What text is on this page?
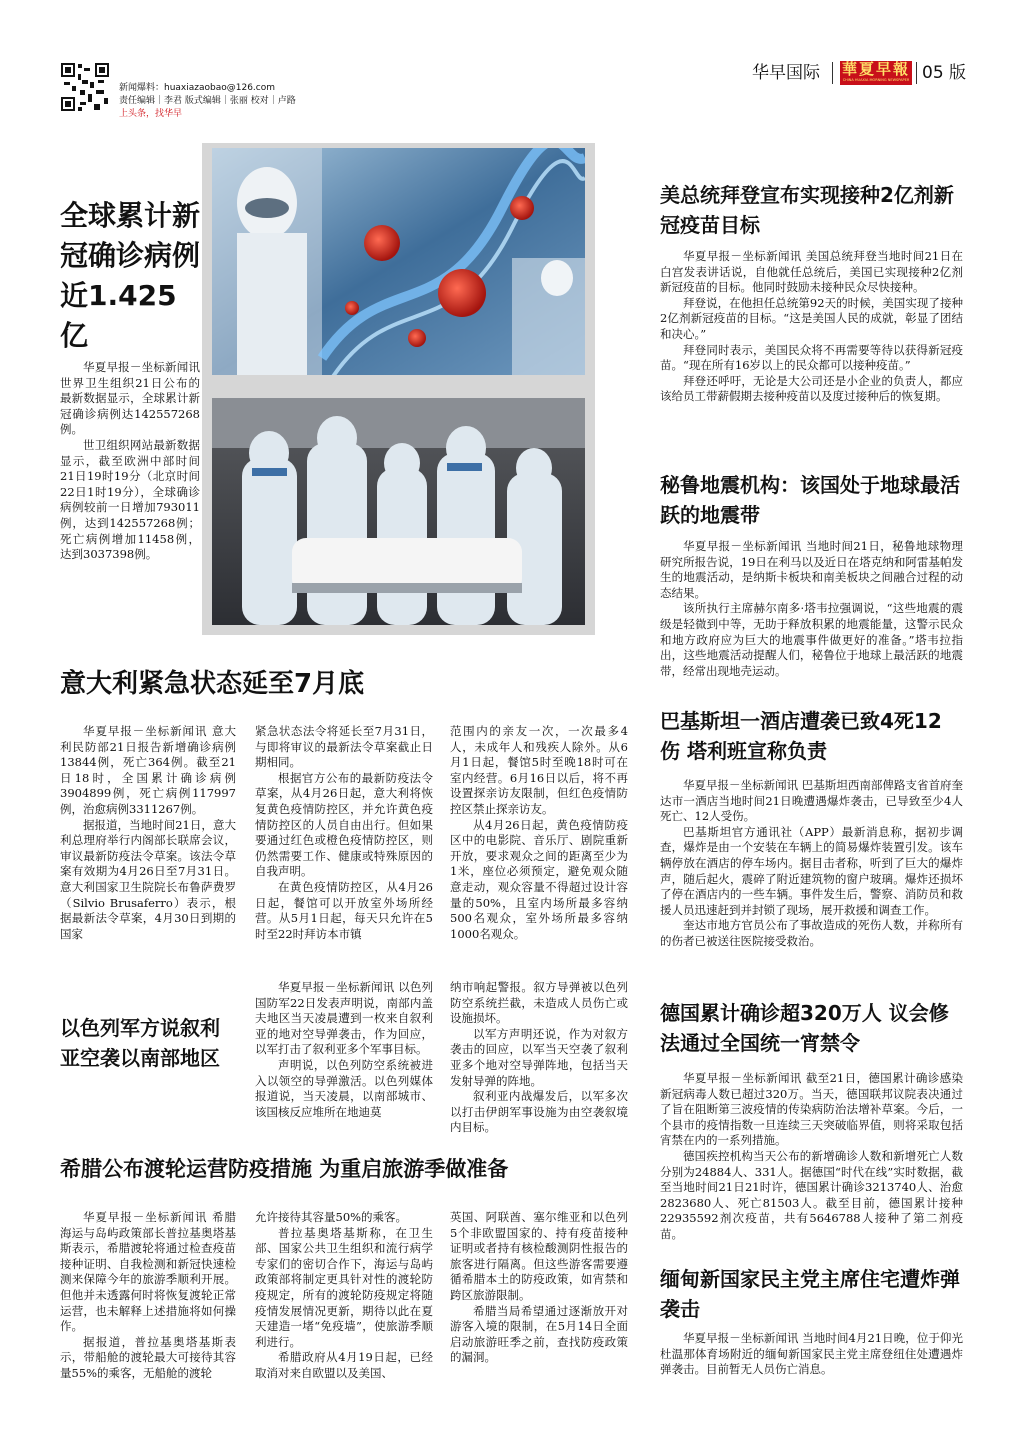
新闻爆料：huaxiazaobao@126.com
责任编辑｜李君 版式编辑｜张丽 校对｜卢路
上头条，找华早
华早国际 華夏早報
CHINA HUAXIA MORNING NEWSPAPER 05 版
全球累计新冠确诊病例近1.425亿

华夏早报－坐标新闻讯 世界卫生组织21日公布的最新数据显示，全球累计新冠确诊病例达142557268例。

世卫组织网站最新数据显示，截至欧洲中部时间21日19时19分（北京时间22日1时19分），全球确诊病例较前一日增加793011例，达到142557268例；死亡病例增加11458例，达到3037398例。

美总统拜登宣布实现接种2亿剂新冠疫苗目标

华夏早报－坐标新闻讯 美国总统拜登当地时间21日在白宫发表讲话说，自他就任总统后，美国已实现接种2亿剂新冠疫苗的目标。他同时鼓励未接种民众尽快接种。

拜登说，在他担任总统第92天的时候，美国实现了接种2亿剂新冠疫苗的目标。“这是美国人民的成就，彰显了团结和决心。”

拜登同时表示，美国民众将不再需要等待以获得新冠疫苗。“现在所有16岁以上的民众都可以接种疫苗。”

拜登还呼吁，无论是大公司还是小企业的负责人，都应该给员工带薪假期去接种疫苗以及度过接种后的恢复期。

秘鲁地震机构：该国处于地球最活跃的地震带

华夏早报－坐标新闻讯 当地时间21日，秘鲁地球物理研究所报告说，19日在利马以及近日在塔克纳和阿雷基帕发生的地震活动，是纳斯卡板块和南美板块之间融合过程的动态结果。

该所执行主席赫尔南多·塔韦拉强调说，“这些地震的震级是轻微到中等，无助于释放积累的地震能量，这警示民众和地方政府应为巨大的地震事件做更好的准备。”塔韦拉指出，这些地震活动提醒人们，秘鲁位于地球上最活跃的地震带，经常出现地壳运动。

意大利紧急状态延至7月底

华夏早报－坐标新闻讯 意大利民防部21日报告新增确诊病例13844例，死亡364例。截至21日18时，全国累计确诊病例3904899例，死亡病例117997例，治愈病例3311267例。

据报道，当地时间21日，意大利总理府举行内阁部长联席会议，审议最新防疫法令草案。该法令草案有效期为4月26日至7月31日。意大利国家卫生院院长布鲁萨费罗（Silvio Brusaferro）表示，根据最新法令草案，4月30日到期的国家

紧急状态法令将延长至7月31日，与即将审议的最新法令草案截止日期相同。

根据官方公布的最新防疫法令草案，从4月26日起，意大利将恢复黄色疫情防控区，并允许黄色疫情防控区的人员自由出行。但如果要通过红色或橙色疫情防控区，则仍然需要工作、健康或特殊原因的自我声明。

在黄色疫情防控区，从4月26日起，餐馆可以开放室外场所经营。从5月1日起，每天只允许在5时至22时拜访本市镇

范围内的亲友一次，一次最多4人，未成年人和残疾人除外。从6月1日起，餐馆5时至晚18时可在室内经营。6月16日以后，将不再设置探亲访友限制，但红色疫情防控区禁止探亲访友。

从4月26日起，黄色疫情防疫区中的电影院、音乐厅、剧院重新开放，要求观众之间的距离至少为1米，座位必须预定，避免观众随意走动，观众容量不得超过设计容量的50%，且室内场所最多容纳500名观众，室外场所最多容纳1000名观众。

巴基斯坦一酒店遭袭已致4死12伤 塔利班宣称负责

华夏早报－坐标新闻讯 巴基斯坦西南部俾路支省首府奎达市一酒店当地时间21日晚遭遇爆炸袭击，已导致至少4人死亡、12人受伤。

巴基斯坦官方通讯社（APP）最新消息称，据初步调查，爆炸是由一个安装在车辆上的简易爆炸装置引发。该车辆停放在酒店的停车场内。据目击者称，听到了巨大的爆炸声，随后起火，震碎了附近建筑物的窗户玻璃。爆炸还损坏了停在酒店内的一些车辆。事件发生后，警察、消防员和救援人员迅速赶到并封锁了现场，展开救援和调查工作。

奎达市地方官员公布了事故造成的死伤人数，并称所有的伤者已被送往医院接受救治。

以色列军方说叙利亚空袭以南部地区

华夏早报－坐标新闻讯 以色列国防军22日发表声明说，南部内盖夫地区当天凌晨遭到一枚来自叙利亚的地对空导弹袭击，作为回应，以军打击了叙利亚多个军事目标。

声明说，以色列防空系统被进入以领空的导弹激活。以色列媒体报道说，当天凌晨，以南部城市、该国核反应堆所在地迪莫

纳市响起警报。叙方导弹被以色列防空系统拦截，未造成人员伤亡或设施损坏。

以军方声明还说，作为对叙方袭击的回应，以军当天空袭了叙利亚多个地对空导弹阵地，包括当天发射导弹的阵地。

叙利亚内战爆发后，以军多次以打击伊朗军事设施为由空袭叙境内目标。

德国累计确诊超320万人 议会修法通过全国统一宵禁令

华夏早报－坐标新闻讯 截至21日，德国累计确诊感染新冠病毒人数已超过320万。当天，德国联邦议院表决通过了旨在阻断第三波疫情的传染病防治法增补草案。今后，一个县市的疫情指数一旦连续三天突破临界值，则将采取包括宵禁在内的一系列措施。

德国疾控机构当天公布的新增确诊人数和新增死亡人数分别为24884人、331人。据德国“时代在线”实时数据，截至当地时间21日21时许，德国累计确诊3213740人、治愈2823680人、死亡81503人。截至目前，德国累计接种22935592剂次疫苗，共有5646788人接种了第二剂疫苗。

希腊公布渡轮运营防疫措施 为重启旅游季做准备

华夏早报－坐标新闻讯 希腊海运与岛屿政策部长普拉基奥塔基斯表示，希腊渡轮将通过检查疫苗接种证明、自我检测和新冠快速检测来保障今年的旅游季顺利开展。但他并未透露何时将恢复渡轮正常运营，也未解释上述措施将如何操作。

据报道，普拉基奥塔基斯表示，带船舱的渡轮最大可接待其容量55%的乘客，无船舱的渡轮

允许接待其容量50%的乘客。

普拉基奥塔基斯称，在卫生部、国家公共卫生组织和流行病学专家们的密切合作下，海运与岛屿政策部将制定更具针对性的渡轮防疫规定，所有的渡轮防疫规定将随疫情发展情况更新，期待以此在夏天建造一堵“免疫墙”，使旅游季顺利进行。

希腊政府从4月19日起，已经取消对来自欧盟以及美国、

英国、阿联酋、塞尔维亚和以色列5个非欧盟国家的、持有疫苗接种证明或者持有核检酸测阴性报告的旅客进行隔离。但这些游客需要遵循希腊本土的防疫政策，如宵禁和跨区旅游限制。

希腊当局希望通过逐渐放开对游客入境的限制，在5月14日全面启动旅游旺季之前，查找防疫政策的漏洞。

缅甸新国家民主党主席住宅遭炸弹袭击

华夏早报－坐标新闻讯 当地时间4月21日晚，位于仰光杜温那体育场附近的缅甸新国家民主党主席登纽住处遭遇炸弹袭击。目前暂无人员伤亡消息。
